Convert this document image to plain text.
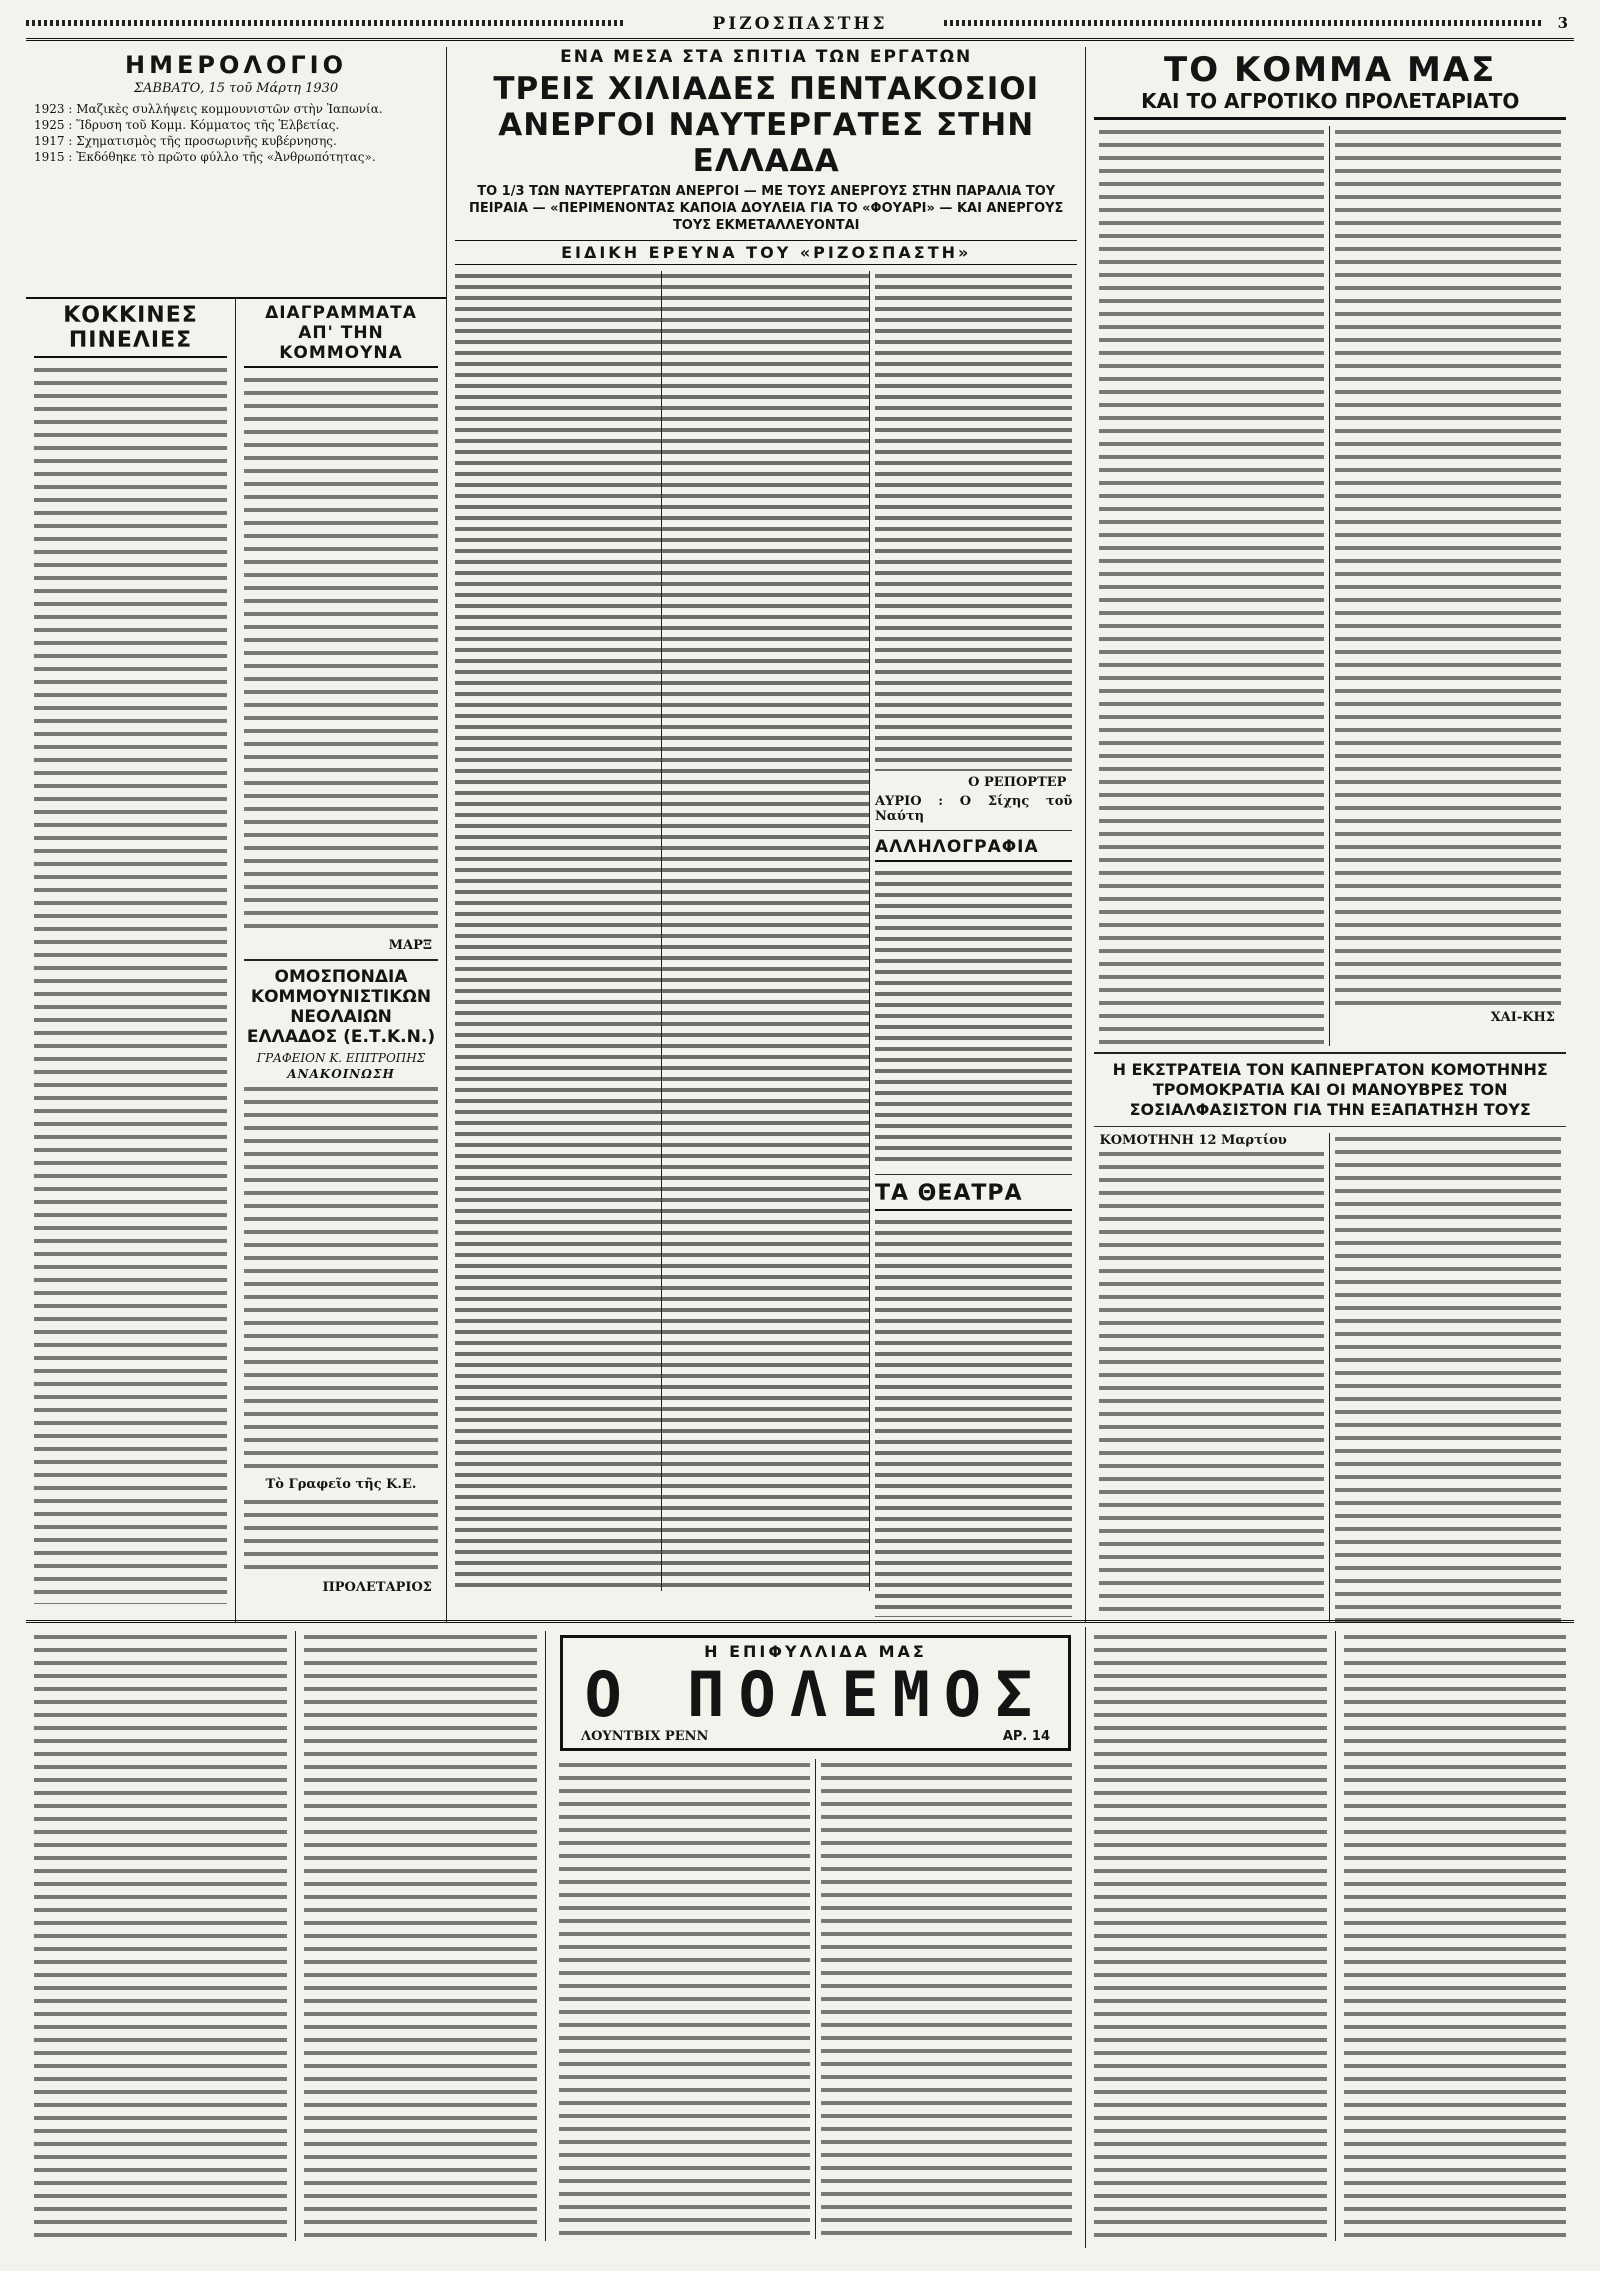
ΡΙΖΟΣΠΑΣΤΗΣ	3
ΗΜΕΡΟΛΟΓΙΟ
ΣΑΒΒΑΤΟ, 15 τοῦ Μάρτη 1930

1923 : Μαζικὲς συλλήψεις κομμουνιστῶν στὴν Ἰαπωνία.

1925 : Ἵδρυση τοῦ Κομμ. Κόμματος τῆς Ἑλβετίας.

1917 : Σχηματισμὸς τῆς προσωρινῆς κυβέρνησης.

1915 : Ἐκδόθηκε τὸ πρῶτο φύλλο τῆς «Ἀνθρωπότητας».

ΚΟΚΚΙΝΕΣ ΠΙΝΕΛΙΕΣ
ΔΙΑΓΡΑΜΜΑΤΑ ΑΠ' ΤΗΝ ΚΟΜΜΟΥΝΑ
ΜΑΡΞ
ΟΜΟΣΠΟΝΔΙΑ ΚΟΜΜΟΥΝΙΣΤΙΚΩΝ ΝΕΟΛΑΙΩΝ ΕΛΛΑΔΟΣ (Ε.Τ.Κ.Ν.)
ΓΡΑΦΕΙΟΝ Κ. ΕΠΙΤΡΟΠΗΣ
ΑΝΑΚΟΙΝΩΣΗ
Τὸ Γραφεῖο τῆς Κ.Ε.
ΠΡΟΛΕΤΑΡΙΟΣ
ΕΝΑ ΜΕΣΑ ΣΤΑ ΣΠΙΤΙΑ ΤΩΝ ΕΡΓΑΤΩΝ
ΤΡΕΙΣ ΧΙΛΙΑΔΕΣ ΠΕΝΤΑΚΟΣΙΟΙ ΑΝΕΡΓΟΙ ΝΑΥΤΕΡΓΑΤΕΣ ΣΤΗΝ ΕΛΛΑΔΑ
ΤΟ 1/3 ΤΩΝ ΝΑΥΤΕΡΓΑΤΩΝ ΑΝΕΡΓΟΙ — ΜΕ ΤΟΥΣ ΑΝΕΡΓΟΥΣ ΣΤΗΝ ΠΑΡΑΛΙΑ ΤΟΥ ΠΕΙΡΑΙΑ — «ΠΕΡΙΜΕΝΟΝΤΑΣ ΚΑΠΟΙΑ ΔΟΥΛΕΙΑ ΓΙΑ ΤΟ «ΦΟΥΑΡΙ» — ΚΑΙ ΑΝΕΡΓΟΥΣ ΤΟΥΣ ΕΚΜΕΤΑΛΛΕΥΟΝΤΑΙ
ΕΙΔΙΚΗ ΕΡΕΥΝΑ ΤΟΥ «ΡΙΖΟΣΠΑΣΤΗ»
Ο ΡΕΠΟΡΤΕΡ
ΑΥΡΙΟ : Ο Σίχης τοῦ Ναύτη
ΑΛΛΗΛΟΓΡΑΦΙΑ
ΤΑ ΘΕΑΤΡΑ
ΤΟ ΚΟΜΜΑ ΜΑΣ
ΚΑΙ ΤΟ ΑΓΡΟΤΙΚΟ ΠΡΟΛΕΤΑΡΙΑΤΟ
ΧΑΙ-ΚΗΣ
Η ΕΚΣΤΡΑΤΕΙΑ ΤΟΝ ΚΑΠΝΕΡΓΑΤΟΝ ΚΟΜΟΤΗΝΗΣ ΤΡΟΜΟΚΡΑΤΙΑ ΚΑΙ ΟΙ ΜΑΝΟΥΒΡΕΣ ΤΟΝ ΣΟΣΙΑΛΦΑΣΙΣΤΟΝ ΓΙΑ ΤΗΝ ΕΞΑΠΑΤΗΣΗ ΤΟΥΣ
ΚΟΜΟΤΗΝΗ 12 Μαρτίου
Η ΕΠΙΦΥΛΛΙΔΑ ΜΑΣ
Ο ΠΟΛΕΜΟΣ
ΛΟΥΝΤΒΙΧ ΡΕΝΝ	ΑΡ. 14
